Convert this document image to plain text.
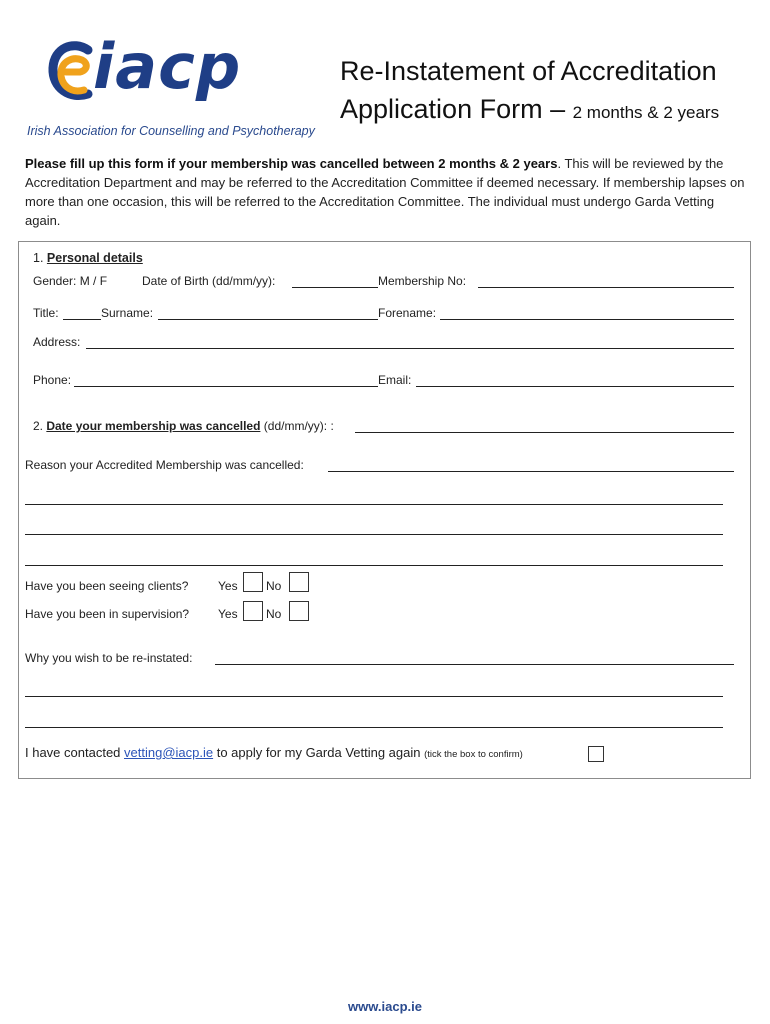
iacp
Irish Association for Counselling and Psychotherapy
Re-Instatement of Accreditation
Application Form – 2 months & 2 years
Please fill up this form if your membership was cancelled between 2 months & 2 years. This will be reviewed by the Accreditation Department and may be referred to the Accreditation Committee if deemed necessary. If membership lapses on more than one occasion, this will be referred to the Accreditation Committee. The individual must undergo Garda Vetting again.
1. Personal details
Gender: M / F	Date of Birth (dd/mm/yy):	Membership No:
Title:	Surname:	Forename:
Address:
Phone:	Email:
2. Date your membership was cancelled (dd/mm/yy): :
Reason your Accredited Membership was cancelled:
Have you been seeing clients? Yes No
Have you been in supervision? Yes No
Why you wish to be re-instated:
I have contacted vetting@iacp.ie to apply for my Garda Vetting again (tick the box to confirm)
www.iacp.ie
